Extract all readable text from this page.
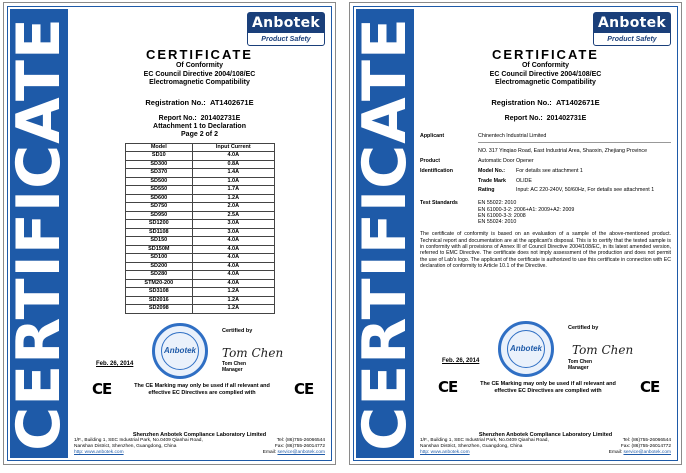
CERTIFICATE	Anbotek
Product Safety
CERTIFICATE
Of Conformity
EC Council Directive 2004/108/EC
Electromagnetic Compatibility
Registration No.: AT1402671E
Report No.: 201402731E
Attachment 1 to Declaration
Page 2 of 2
Model	Input Current
SD10	4.0A
SD300	0.8A
SD370	1.4A
SD500	1.0A
SD550	1.7A
SD600	1.2A
SD750	2.0A
SD950	2.5A
SD1200	3.0A
SD1108	3.0A
SD150	4.0A
SD150M	4.0A
SD100	4.0A
SD200	4.0A
SD280	4.0A
STM20-200	4.0A
SD3108	1.2A
SD2016	1.2A
SD2098	1.2A
Certified by
Anbotek
Feb. 26, 2014
Tom Chen
Tom Chen
Manager
CE	CE
The CE Marking may only be used if all relevant and
effective EC Directives are complied with
Shenzhen Anbotek Compliance Laboratory Limited
1/F., Building 1, SEC Industrial Park, No.0409 Qianhai Road,	Tel: (86)755-26066544
Nanshan District, Shenzhen, Guangdong, China	Fax: (86)755-26014772
http: www.anbotek.com	Email: service@anbotek.com
CERTIFICATE	Anbotek
Product Safety
CERTIFICATE
Of Conformity
EC Council Directive 2004/108/EC
Electromagnetic Compatibility
Registration No.: AT1402671E
Report No.: 201402731E
Applicant	Chinentech Industrial Limited
NO. 317 Yinqiao Road, East Industrial Area, Shaoxin, Zhejiang Province
Product	Automatic Door Opener
Identification	Model No.:	For details see attachment 1
Trade Mark	OLIDE
Rating	Input: AC 220-240V, 50/60Hz, For details see attachment 1
Test Standards	EN 55022: 2010
EN 61000-3-2: 2006+A1: 2009+A2: 2009
EN 61000-3-3: 2008
EN 55024: 2010
The certificate of conformity is based on an evaluation of a sample of the above-mentioned product. Technical report and documentation are at the applicant's disposal. This is to certify that the tested sample is in conformity with all provisions of Annex III of Council Directive 2004/108/EC, in its latest amended version, referred to EMC Directive. The certificate does not imply assessment of the production and does not permit the use of Lab's logo. The applicant of the certificate is authorized to use this certificate in connection with EC declaration of conformity to Article 10.1 of the Directive.
Certified by
Anbotek
Feb. 26, 2014
Tom Chen
Tom Chen
Manager
CE	CE
The CE Marking may only be used if all relevant and
effective EC Directives are complied with
Shenzhen Anbotek Compliance Laboratory Limited
1/F., Building 1, SEC Industrial Park, No.0409 Qianhai Road,	Tel: (86)755-26066544
Nanshan District, Shenzhen, Guangdong, China	Fax: (86)755-26014772
http: www.anbotek.com	Email: service@anbotek.com
